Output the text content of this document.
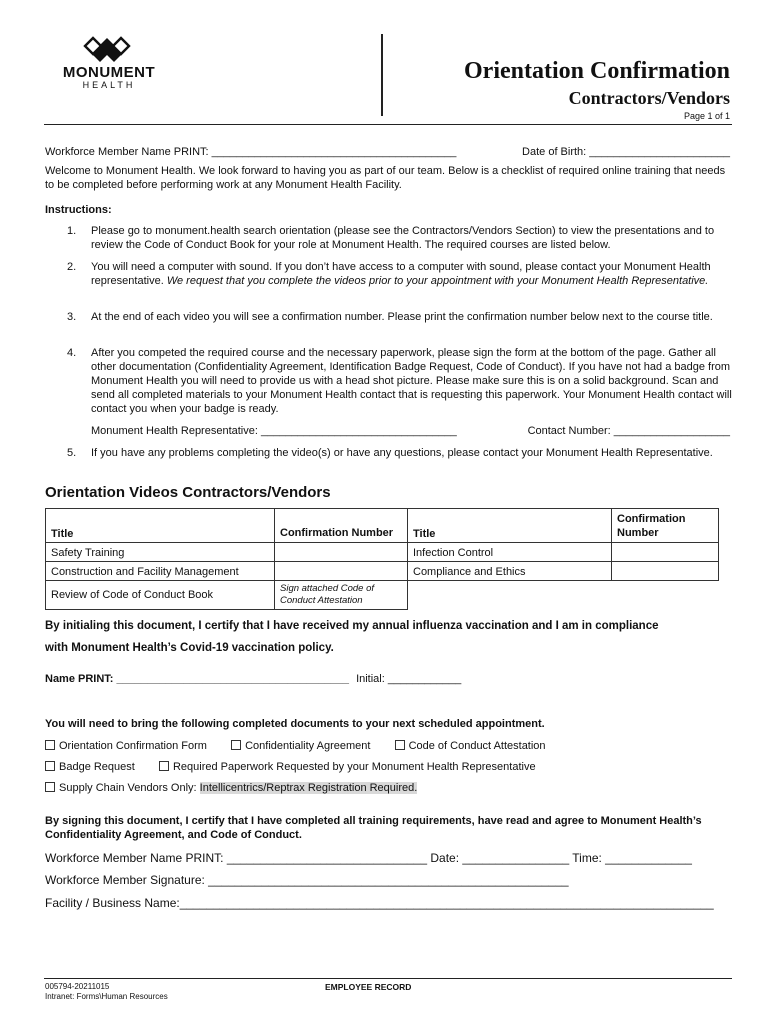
MONUMENT
HEALTH
Orientation Confirmation
Contractors/Vendors
Page 1 of 1
Workforce Member Name PRINT: ________________________________________	Date of Birth: _______________________
Welcome to Monument Health. We look forward to having you as part of our team. Below is a checklist of required online training that needs to be completed before performing work at any Monument Health Facility.
Instructions:
1. Please go to monument.health search orientation (please see the Contractors/Vendors Section) to view the presentations and to review the Code of Conduct Book for your role at Monument Health. The required courses are listed below.
2. You will need a computer with sound. If you don’t have access to a computer with sound, please contact your Monument Health representative. We request that you complete the videos prior to your appointment with your Monument Health Representative.
3. At the end of each video you will see a confirmation number. Please print the confirmation number below next to the course title.
4. After you competed the required course and the necessary paperwork, please sign the form at the bottom of the page. Gather all other documentation (Confidentiality Agreement, Identification Badge Request, Code of Conduct). If you have not had a badge from Monument Health you will need to provide us with a head shot picture. Please make sure this is on a solid background. Scan and send all completed materials to your Monument Health contact that is requesting this paperwork. Your Monument Health contact will contact you when your badge is ready.
Monument Health Representative: ________________________________	Contact Number: ___________________
5. If you have any problems completing the video(s) or have any questions, please contact your Monument Health Representative.
Orientation Videos Contractors/Vendors
Title	Confirmation Number	Title	Confirmation Number
Safety Training		Infection Control	
Construction and Facility Management		Compliance and Ethics	
Review of Code of Conduct Book	Sign attached Code of Conduct Attestation		
By initialing this document, I certify that I have received my annual influenza vaccination and I am in compliance
with Monument Health’s Covid-19 vaccination policy.
Name PRINT: ______________________________________ Initial: ____________
You will need to bring the following completed documents to your next scheduled appointment.
Orientation Confirmation Form	Confidentiality Agreement	Code of Conduct Attestation
Badge Request	Required Paperwork Requested by your Monument Health Representative
Supply Chain Vendors Only: Intellicentrics/Reptrax Registration Required.
By signing this document, I certify that I have completed all training requirements, have read and agree to Monument Health’s Confidentiality Agreement, and Code of Conduct.
Workforce Member Name PRINT: ______________________________ Date: ________________ Time: _____________
Workforce Member Signature: ______________________________________________________
Facility / Business Name:________________________________________________________________________________
005794-20211015
Intranet: Forms\Human Resources
EMPLOYEE RECORD
